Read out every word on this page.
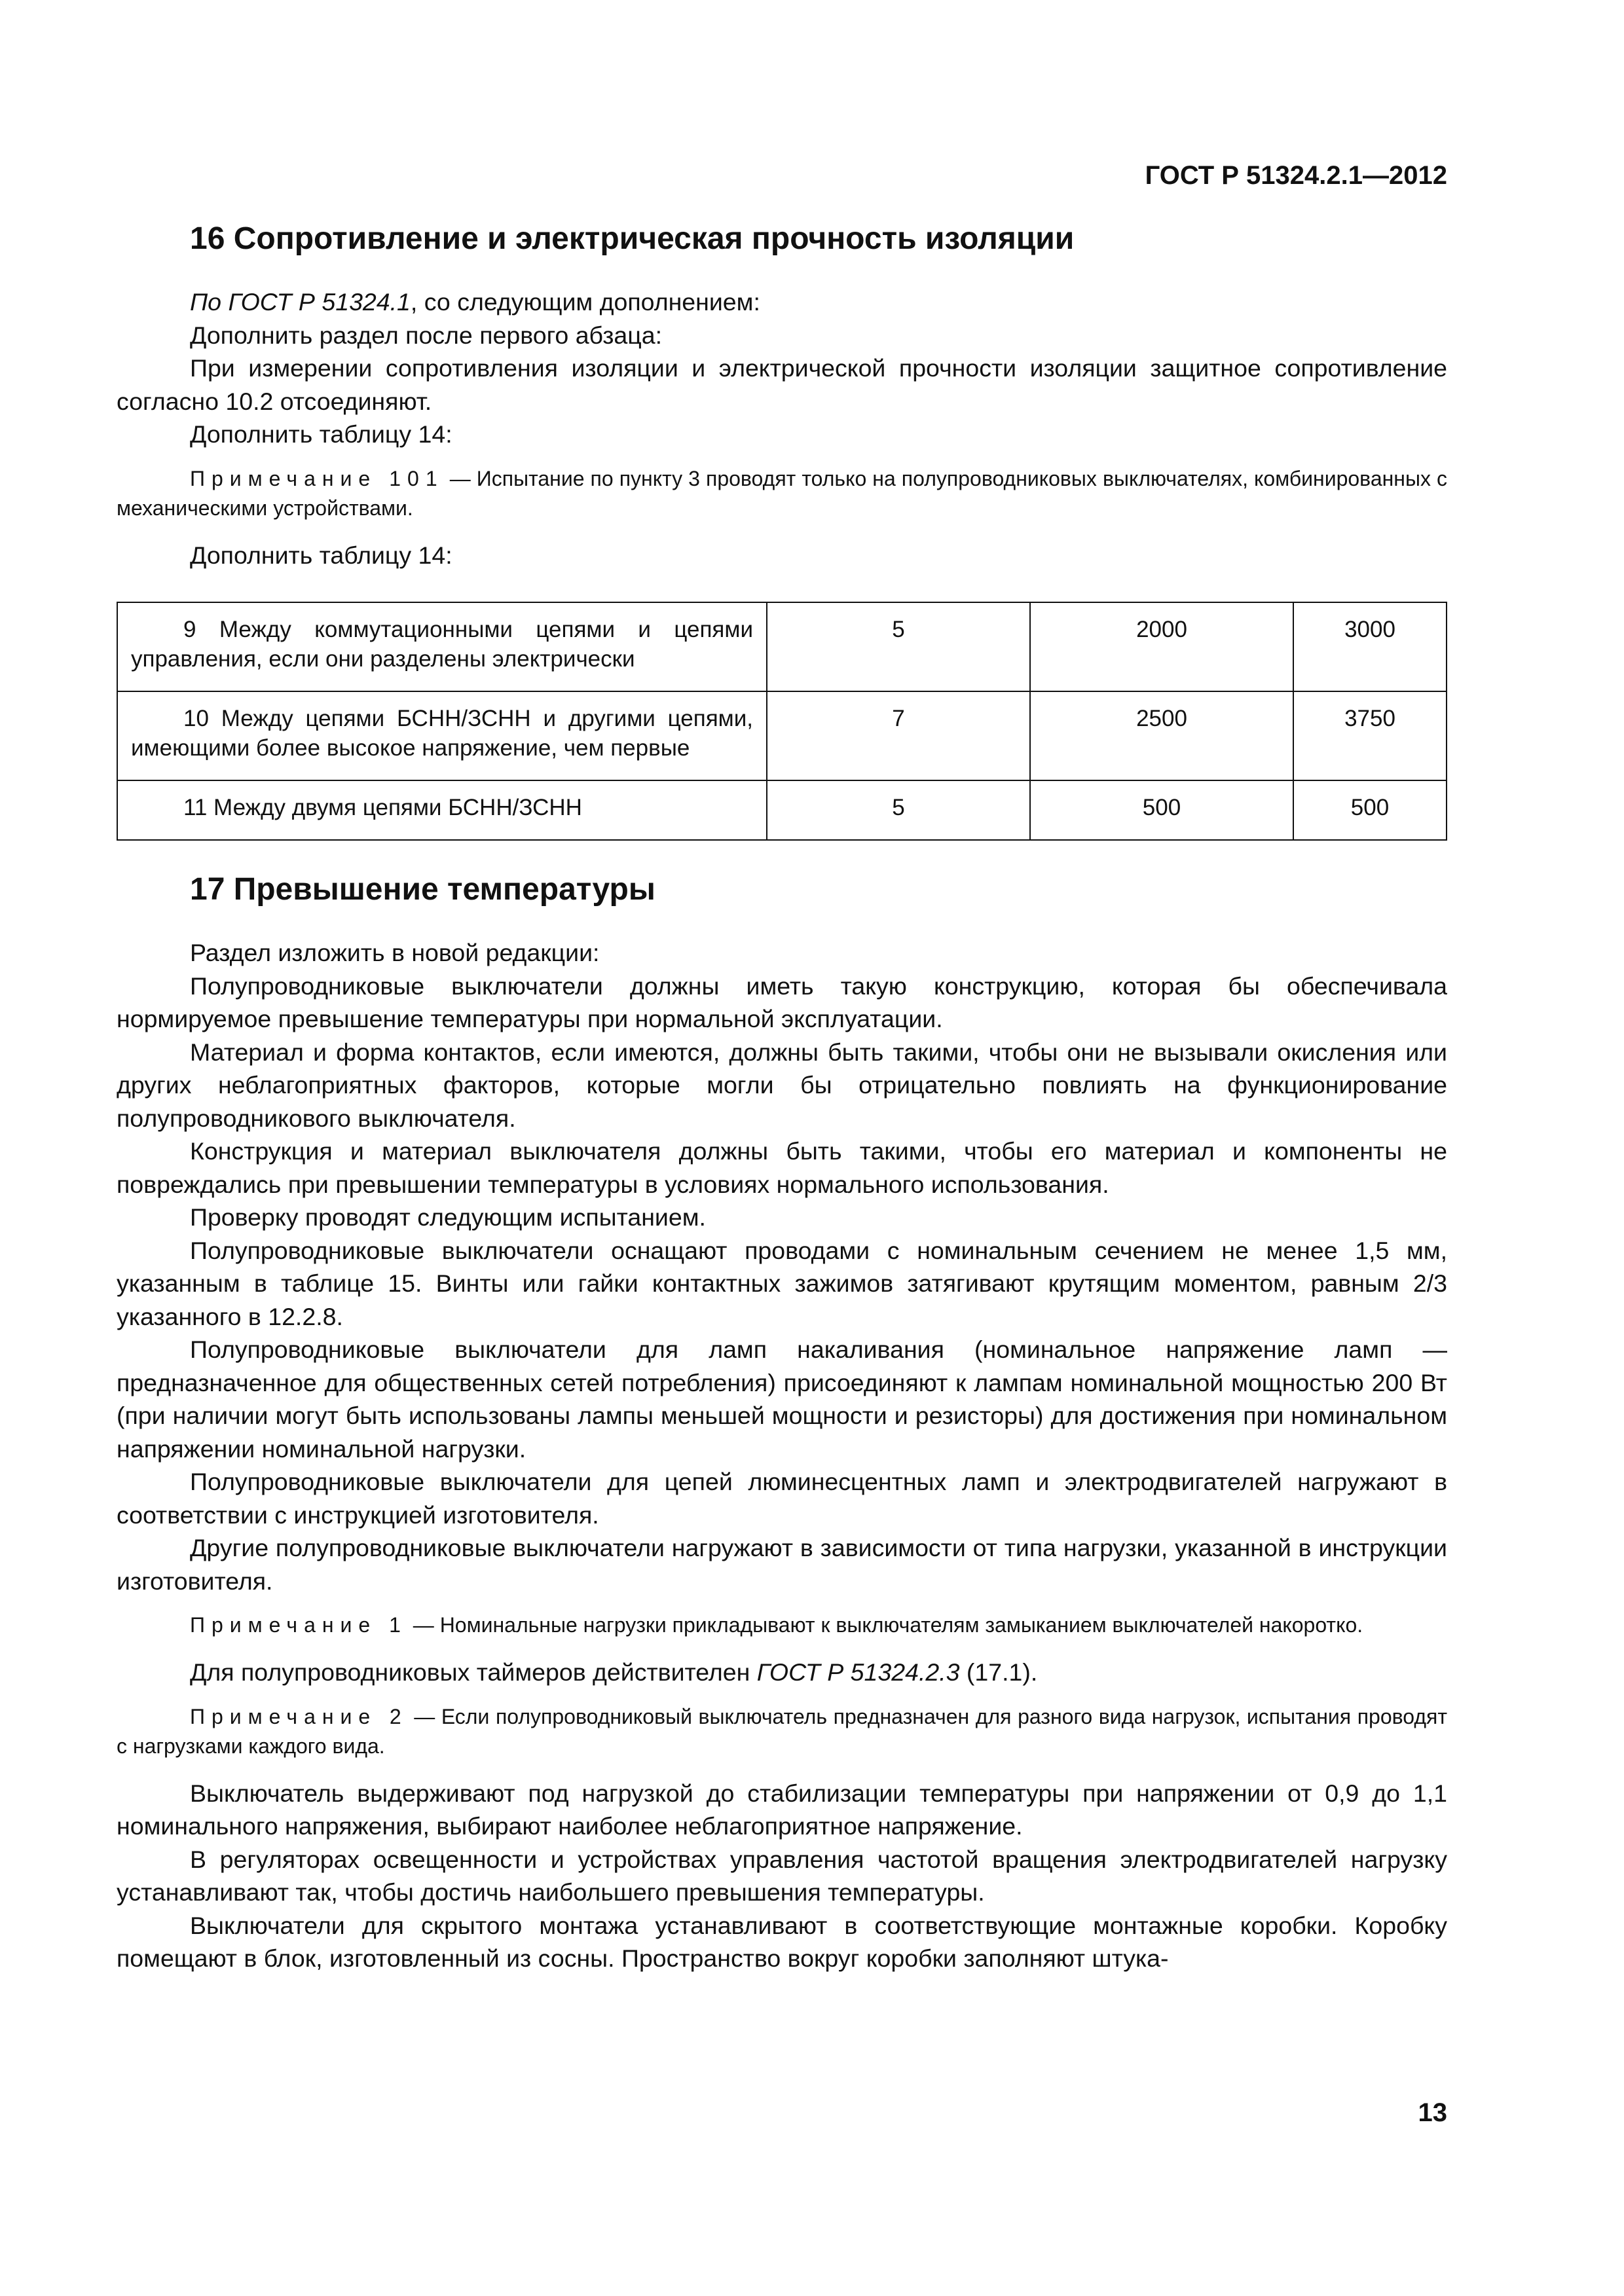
ГОСТ Р 51324.2.1—2012
16 Сопротивление и электрическая прочность изоляции

По ГОСТ Р 51324.1, со следующим дополнением:

Дополнить раздел после первого абзаца:

При измерении сопротивления изоляции и электрической прочности изоляции защитное сопротивление согласно 10.2 отсоединяют.

Дополнить таблицу 14:

Примечание 101 — Испытание по пункту 3 проводят только на полупроводниковых выключателях, комбинированных с механическими устройствами.

Дополнить таблицу 14:

9 Между коммутационными цепями и цепями управления, если они разделены электрически	5	2000	3000
10 Между цепями БСНН/ЗСНН и другими цепями, имеющими более высокое напряжение, чем первые	7	2500	3750
11 Между двумя цепями БСНН/ЗСНН	5	500	500
17 Превышение температуры

Раздел изложить в новой редакции:

Полупроводниковые выключатели должны иметь такую конструкцию, которая бы обеспечивала нормируемое превышение температуры при нормальной эксплуатации.

Материал и форма контактов, если имеются, должны быть такими, чтобы они не вызывали окисления или других неблагоприятных факторов, которые могли бы отрицательно повлиять на функционирование полупроводникового выключателя.

Конструкция и материал выключателя должны быть такими, чтобы его материал и компоненты не повреждались при превышении температуры в условиях нормального использования.

Проверку проводят следующим испытанием.

Полупроводниковые выключатели оснащают проводами с номинальным сечением не менее 1,5 мм, указанным в таблице 15. Винты или гайки контактных зажимов затягивают крутящим моментом, равным 2/3 указанного в 12.2.8.

Полупроводниковые выключатели для ламп накаливания (номинальное напряжение ламп — предназначенное для общественных сетей потребления) присоединяют к лампам номинальной мощностью 200 Вт (при наличии могут быть использованы лампы меньшей мощности и резисторы) для достижения при номинальном напряжении номинальной нагрузки.

Полупроводниковые выключатели для цепей люминесцентных ламп и электродвигателей нагружают в соответствии с инструкцией изготовителя.

Другие полупроводниковые выключатели нагружают в зависимости от типа нагрузки, указанной в инструкции изготовителя.

Примечание 1 — Номинальные нагрузки прикладывают к выключателям замыканием выключателей накоротко.

Для полупроводниковых таймеров действителен ГОСТ Р 51324.2.3 (17.1).

Примечание 2 — Если полупроводниковый выключатель предназначен для разного вида нагрузок, испытания проводят с нагрузками каждого вида.

Выключатель выдерживают под нагрузкой до стабилизации температуры при напряжении от 0,9 до 1,1 номинального напряжения, выбирают наиболее неблагоприятное напряжение.

В регуляторах освещенности и устройствах управления частотой вращения электродвигателей нагрузку устанавливают так, чтобы достичь наибольшего превышения температуры.

Выключатели для скрытого монтажа устанавливают в соответствующие монтажные коробки. Коробку помещают в блок, изготовленный из сосны. Пространство вокруг коробки заполняют штука-

13
